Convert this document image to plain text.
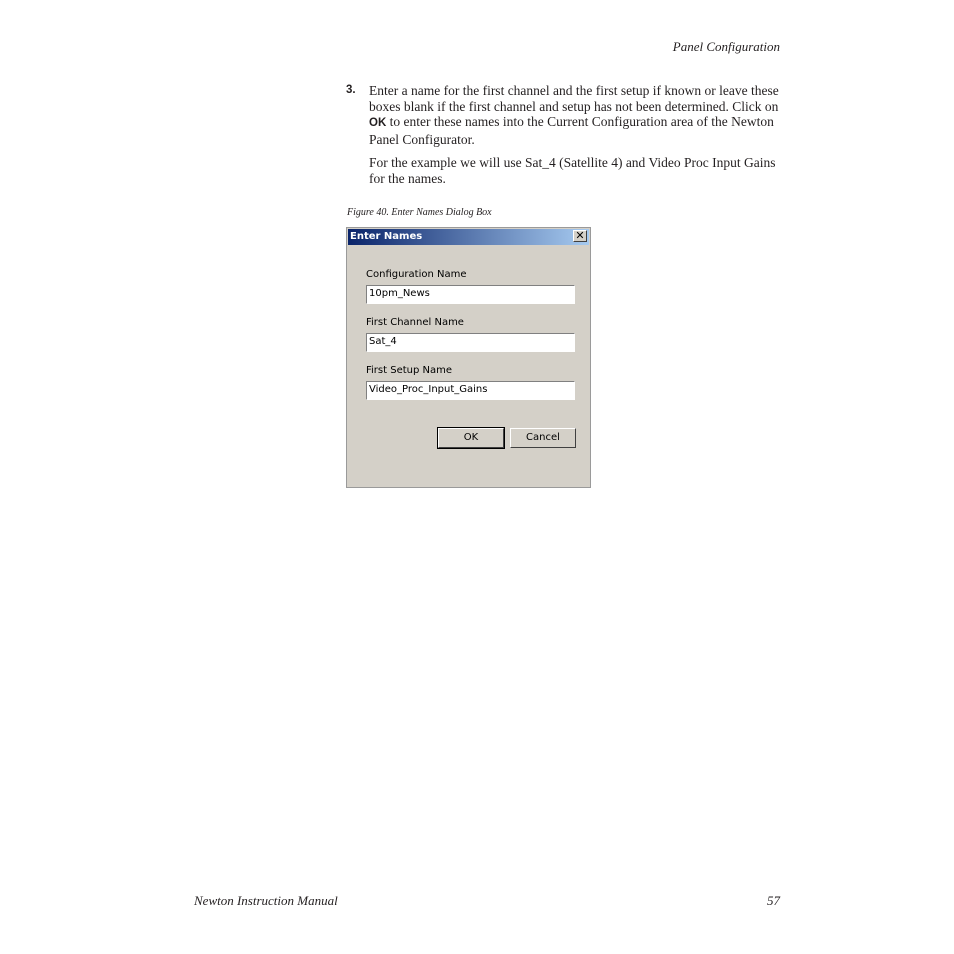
Panel Configuration
3. Enter a name for the first channel and the first setup if known or leave these boxes blank if the first channel and setup has not been determined. Click on OK to enter these names into the Current Configuration area of the Newton Panel Configurator.

For the example we will use Sat_4 (Satellite 4) and Video Proc Input Gains for the names.

Figure 40. Enter Names Dialog Box
Enter Names	✕
Configuration Name
10pm_News
First Channel Name
Sat_4
First Setup Name
Video_Proc_Input_Gains
OK	Cancel
Newton Instruction Manual	57
